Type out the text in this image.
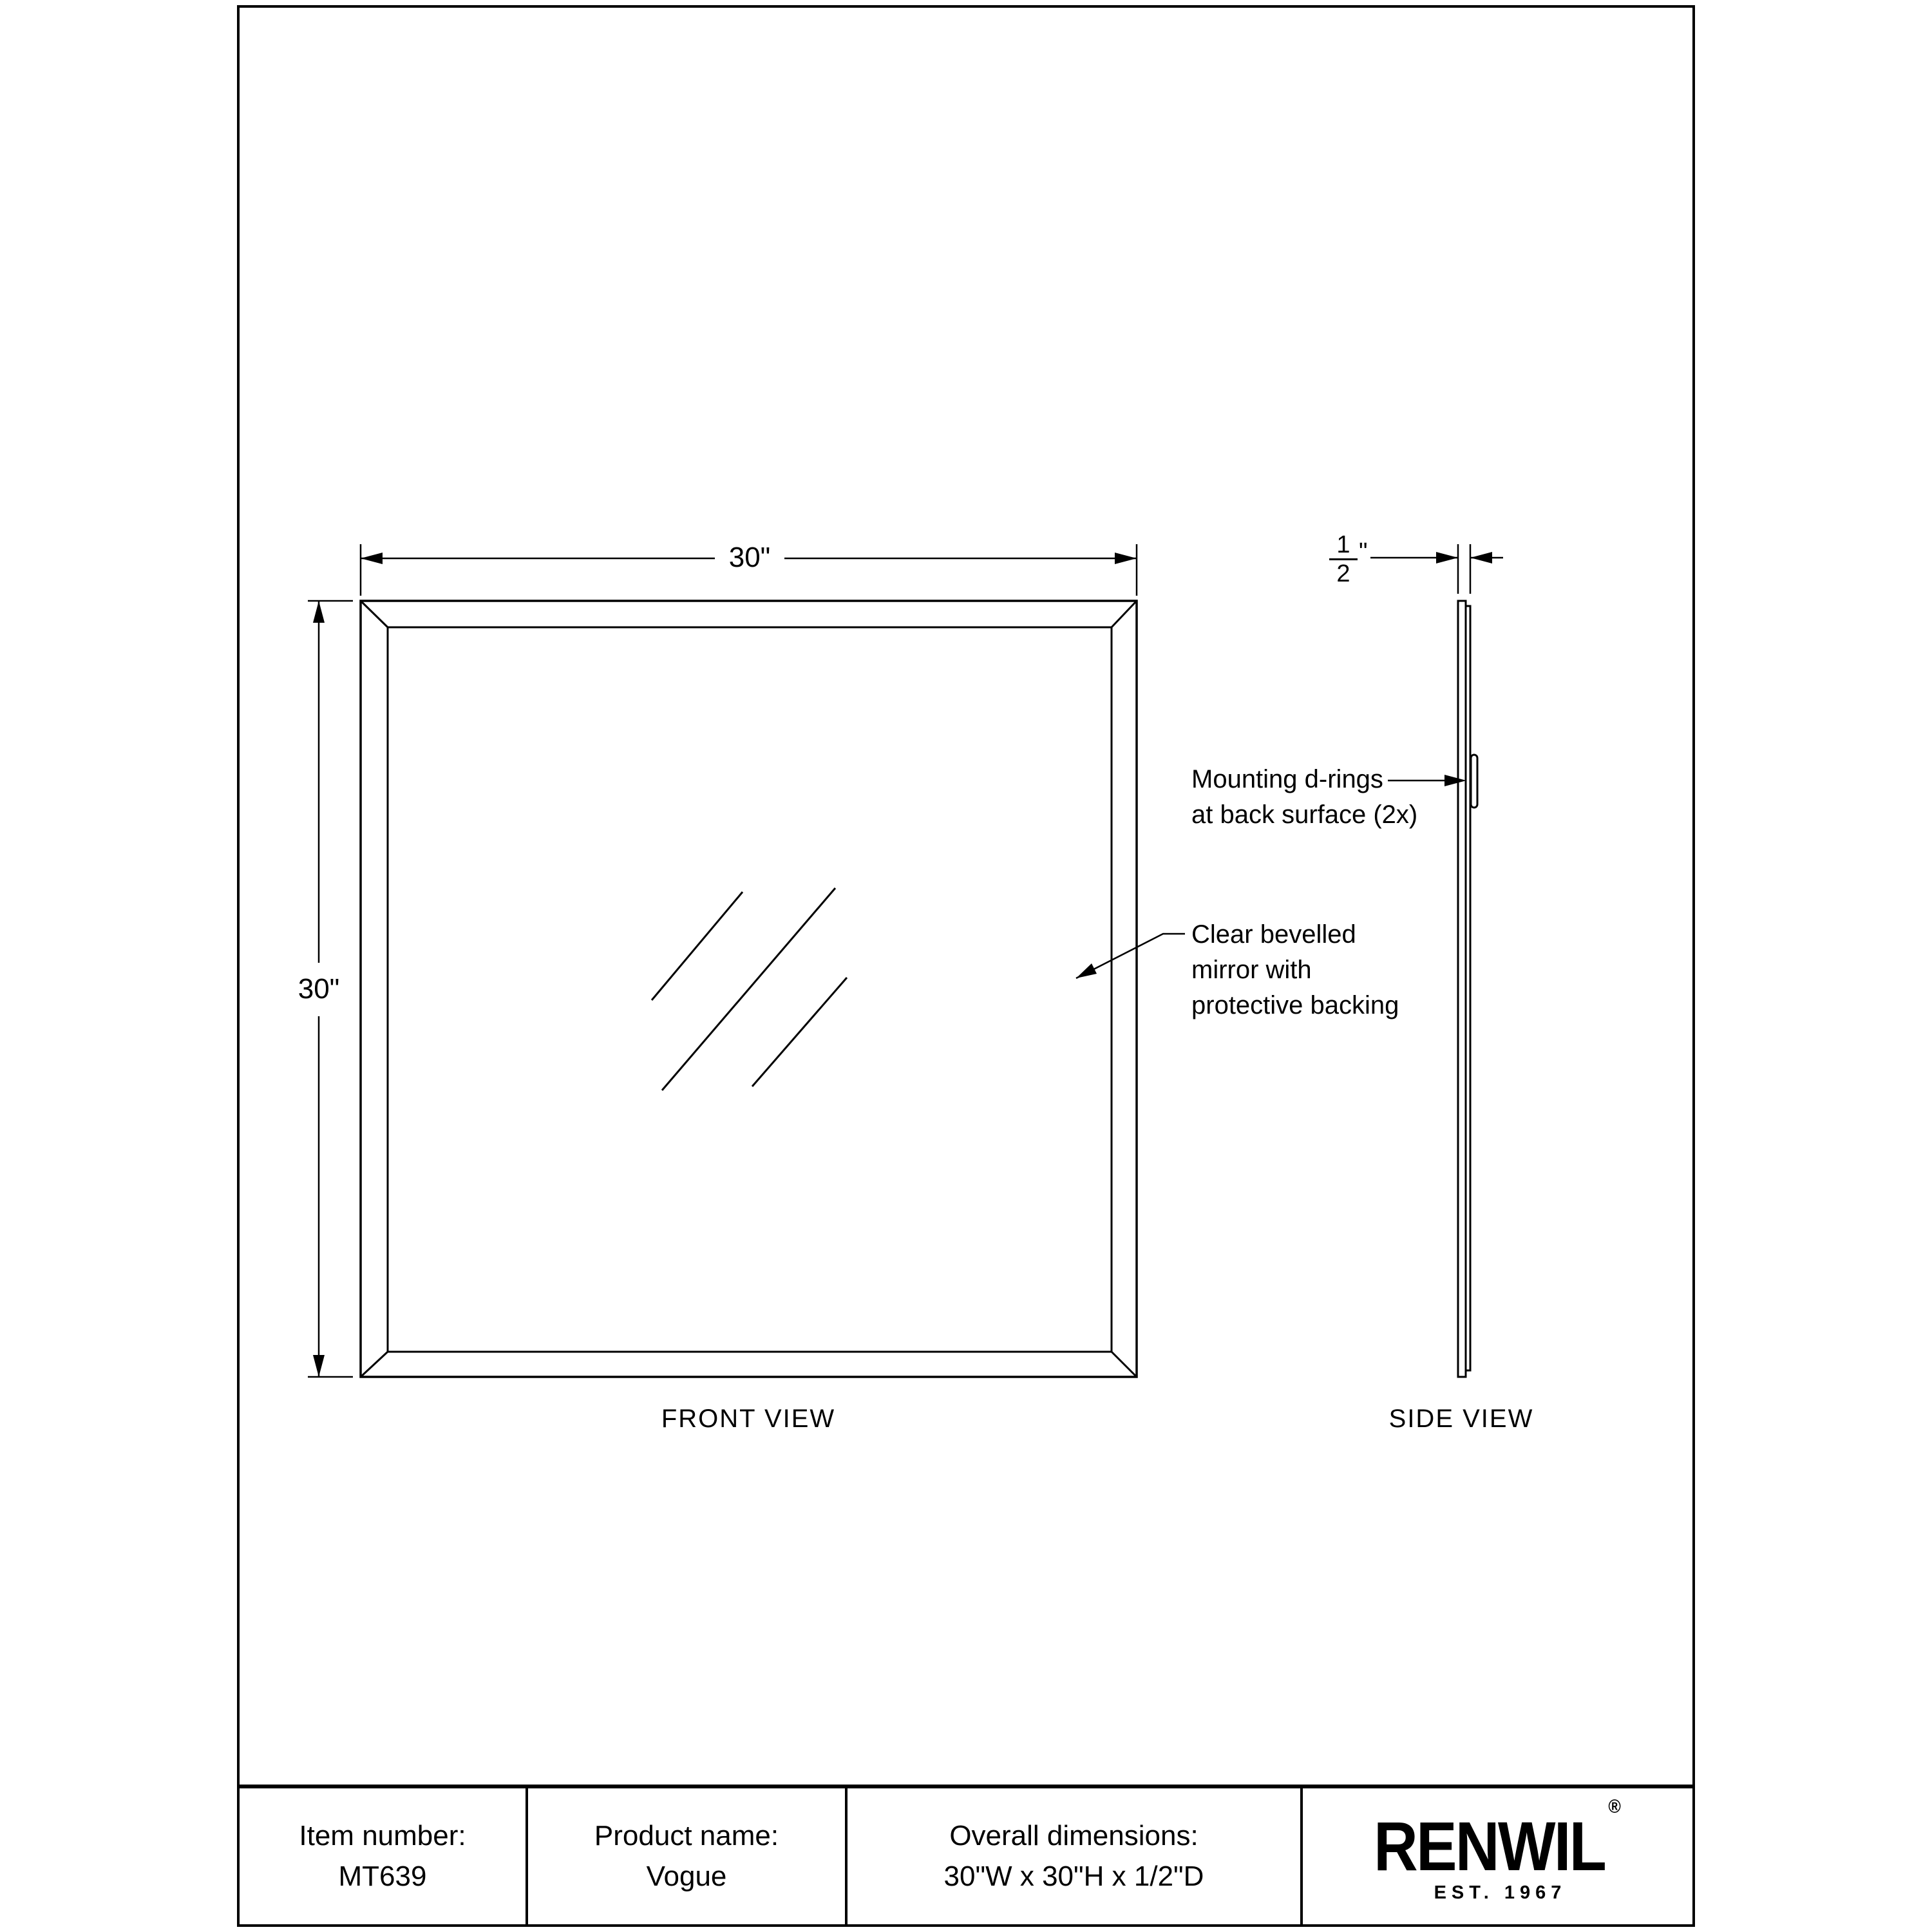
30"
30"
$\frac{1}{2}$ "
Mounting d-rings
at back surface (2x)
Clear bevelled
mirror with
protective backing
FRONT VIEW	SIDE VIEW
Item number:
MT639
Product name:
Vogue
Overall dimensions:
30"W x 30"H x 1/2"D RENWIL®
EST. 1967
